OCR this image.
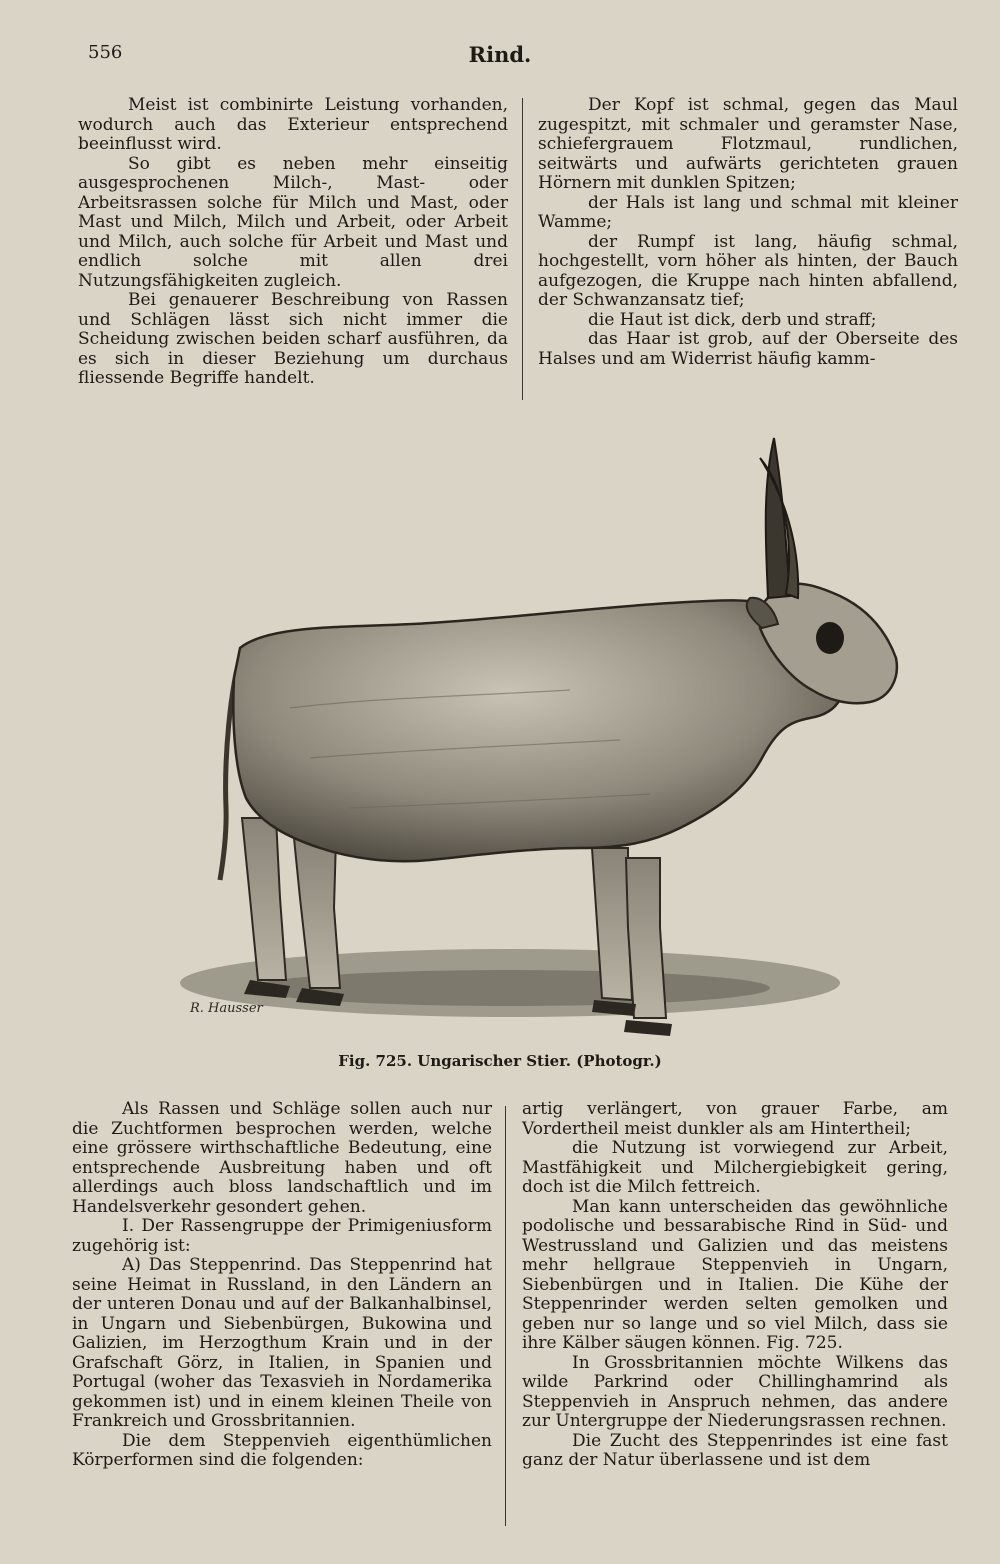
556	Rind.

Meist ist combinirte Leistung vorhanden, wodurch auch das Exterieur entsprechend beeinflusst wird.

So gibt es neben mehr einseitig ausgesprochenen Milch-, Mast- oder Arbeitsrassen solche für Milch und Mast, oder Mast und Milch, Milch und Arbeit, oder Arbeit und Milch, auch solche für Arbeit und Mast und endlich solche mit allen drei Nutzungsfähigkeiten zugleich.

Bei genauerer Beschreibung von Rassen und Schlägen lässt sich nicht immer die Scheidung zwischen beiden scharf ausführen, da es sich in dieser Beziehung um durchaus fliessende Begriffe handelt.

Der Kopf ist schmal, gegen das Maul zugespitzt, mit schmaler und geramster Nase, schiefergrauem Flotzmaul, rundlichen, seitwärts und aufwärts gerichteten grauen Hörnern mit dunklen Spitzen;

der Hals ist lang und schmal mit kleiner Wamme;

der Rumpf ist lang, häufig schmal, hochgestellt, vorn höher als hinten, der Bauch aufgezogen, die Kruppe nach hinten abfallend, der Schwanzansatz tief;

die Haut ist dick, derb und straff;

das Haar ist grob, auf der Oberseite des Halses und am Widerrist häufig kamm-

R. Hausser
Fig. 725. Ungarischer Stier. (Photogr.)

Als Rassen und Schläge sollen auch nur die Zuchtformen besprochen werden, welche eine grössere wirthschaftliche Bedeutung, eine entsprechende Ausbreitung haben und oft allerdings auch bloss landschaftlich und im Handelsverkehr gesondert gehen.

I. Der Rassengruppe der Primigeniusform zugehörig ist:

A) Das Steppenrind. Das Steppenrind hat seine Heimat in Russland, in den Ländern an der unteren Donau und auf der Balkanhalbinsel, in Ungarn und Siebenbürgen, Bukowina und Galizien, im Herzogthum Krain und in der Grafschaft Görz, in Italien, in Spanien und Portugal (woher das Texasvieh in Nordamerika gekommen ist) und in einem kleinen Theile von Frankreich und Grossbritannien.

Die dem Steppenvieh eigenthümlichen Körperformen sind die folgenden:

artig verlängert, von grauer Farbe, am Vordertheil meist dunkler als am Hintertheil;

die Nutzung ist vorwiegend zur Arbeit, Mastfähigkeit und Milchergiebigkeit gering, doch ist die Milch fettreich.

Man kann unterscheiden das gewöhnliche podolische und bessarabische Rind in Süd- und Westrussland und Galizien und das meistens mehr hellgraue Steppenvieh in Ungarn, Siebenbürgen und in Italien. Die Kühe der Steppenrinder werden selten gemolken und geben nur so lange und so viel Milch, dass sie ihre Kälber säugen können. Fig. 725.

In Grossbritannien möchte Wilkens das wilde Parkrind oder Chillinghamrind als Steppenvieh in Anspruch nehmen, das andere zur Untergruppe der Niederungsrassen rechnen.

Die Zucht des Steppenrindes ist eine fast ganz der Natur überlassene und ist dem
